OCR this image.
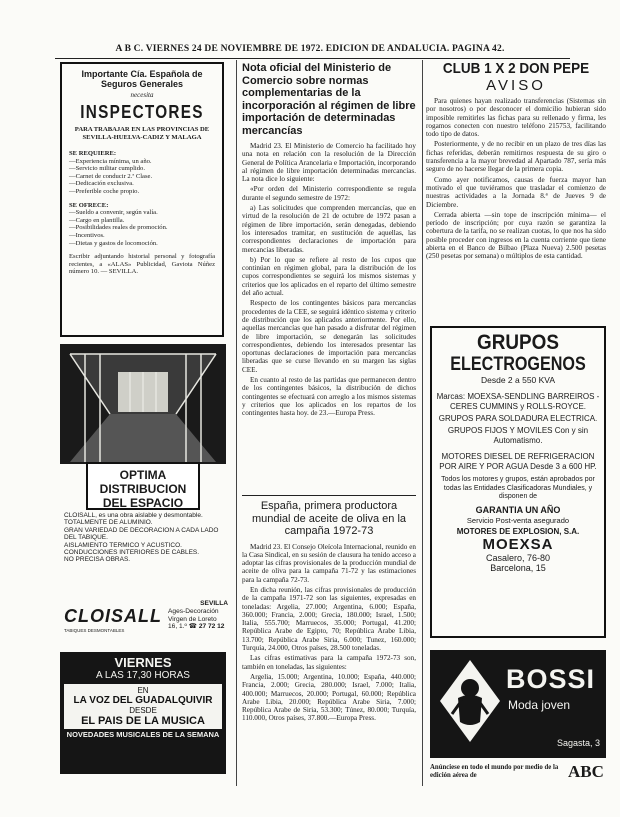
A B C. VIERNES 24 DE NOVIEMBRE DE 1972. EDICION DE ANDALUCIA. PAGINA 42.
Importante Cía. Española de Seguros Generales
necesita
INSPECTORES
PARA TRABAJAR EN LAS PROVINCIAS DE SEVILLA-HUELVA-CADIZ Y MALAGA
SE REQUIERE:
—Experiencia mínima, un año.
—Servicio militar cumplido.
—Carnet de conducir 2.ª Clase.
—Dedicación exclusiva.
—Preferible coche propio.
SE OFRECE:
—Sueldo a convenir, según valía.
—Cargo en plantilla.
—Posibilidades reales de promoción.
—Incentivos.
—Dietas y gastos de locomoción.
Escribir adjuntando historial personal y fotografía recientes, a «ALAS» Publicidad, Gaviota Núñez número 10. — SEVILLA.
OPTIMA DISTRIBUCION DEL ESPACIO
CLOISALL, es una obra aislable y desmontable.
TOTALMENTE DE ALUMINIO.
GRAN VARIEDAD DE DECORACION A CADA LADO DEL TABIQUE.
AISLAMIENTO TERMICO Y ACUSTICO.
CONDUCCIONES INTERIORES DE CABLES.
NO PRECISA OBRAS.
CLOISALL
TABIQUES DESMONTABLES
SEVILLA
Ages-Decoración
Virgen de Loreto
16, 1.º ☎ 27 72 12
VIERNES
A LAS 17,30 HORAS
EN
LA VOZ DEL GUADALQUIVIR
DESDE
EL PAIS DE LA MUSICA
NOVEDADES MUSICALES DE LA SEMANA
Nota oficial del Ministerio de Comercio sobre normas complementarias de la incorporación al régimen de libre importación de determinadas mercancías

Madrid 23. El Ministerio de Comercio ha facilitado hoy una nota en relación con la resolución de la Dirección General de Política Arancelaria e Importación, incorporando al régimen de libre importación determinadas mercancías. La nota dice lo siguiente:

«Por orden del Ministerio correspondiente se regula durante el segundo semestre de 1972:

a) Las solicitudes que comprenden mercancías, que en virtud de la resolución de 21 de octubre de 1972 pasan a régimen de libre importación, serán denegadas, debiendo los interesados tramitar, en sustitución de aquellas, las correspondientes declaraciones de importación para mercancías liberadas.

b) Por lo que se refiere al resto de los cupos que continúan en régimen global, para la distribución de los cupos correspondientes se seguirá los mismos sistemas y criterios que los aplicados en el reparto del último semestre del año actual.

Respecto de los contingentes básicos para mercancías procedentes de la CEE, se seguirá idéntico sistema y criterio de distribución que los aplicados anteriormente. Por ello, aquellas mercancías que han pasado a disfrutar del régimen de libre importación, se denegarán las solicitudes correspondientes, debiendo los interesados presentar las oportunas declaraciones de importación para mercancías liberadas que se curse llevando en su margen las siglas CEE.

En cuanto al resto de las partidas que permanecen dentro de los contingentes básicos, la distribución de dichos contingentes se efectuará con arreglo a los mismos sistemas y criterios que los aplicados en los repartos de los contingentes hasta hoy. de 23.—Europa Press.

España, primera productora mundial de aceite de oliva en la campaña 1972-73

Madrid 23. El Consejo Oleícola Internacional, reunido en la Casa Sindical, en su sesión de clausura ha tenido acceso a adoptar las cifras provisionales de la producción mundial de aceite de oliva para la campaña 71-72 y las estimaciones para la campaña 72-73.

En dicha reunión, las cifras provisionales de producción de la campaña 1971-72 son las siguientes, expresadas en toneladas: Argelia, 27.000; Argentina, 6.000; España, 360.000; Francia, 2.000; Grecia, 180.000; Israel, 1.500; Italia, 555.700; Marruecos, 35.000; Portugal, 41.200; República Arabe de Egipto, 70; República Arabe Libia, 13.700; República Arabe Siria, 6.000; Tunez, 160.000; Turquía, 24.000, Otros países, 28.500 toneladas.

Las cifras estimativas para la campaña 1972-73 son, también en toneladas, las siguientes:

Argelia, 15.000; Argentina, 10.000; España, 440.000; Francia, 2.000; Grecia, 280.000; Israel, 7.000; Italia, 400.000; Marruecos, 20.000; Portugal, 60.000; República Arabe Libia, 20.000; República Arabe Siria, 7.000; República Arabe de Siria, 53.300; Túnez, 80.000; Turquía, 110.000, Otros países, 37.800.—Europa Press.

CLUB 1 X 2 DON PEPE
AVISO

Para quienes hayan realizado transferencias (Sistemas sin por nosotros) o por desconocer el domicilio hubieran sido imposible remitirles las fichas para su rellenado y firma, les rogamos conecten con nuestro teléfono 215753, facilitando todo tipo de datos.

Posteriormente, y de no recibir en un plazo de tres días las fichas referidas, deberán remitirnos respuesta de su giro o transferencia a la mayor brevedad al Apartado 787, sería más seguro de no hacerse llegar de la primera copia.

Como ayer notificamos, causas de fuerza mayor han motivado el que tuviéramos que trasladar el comienzo de nuestras actividades a la Jornada 8.ª de Jueves 9 de Diciembre.

Cerrada abierta —sin tope de inscripción mínima— el período de inscripción; por cuya razón se garantiza la cobertura de la tarifa, no se realizan cuotas, lo que nos ha sido posible proceder con ingresos en la cuenta corriente que tiene abierta en el Banco de Bilbao (Plaza Nueva) 2.500 pesetas (250 pesetas por semana) o múltiplos de esta cantidad.

GRUPOS
ELECTROGENOS
Desde 2 a 550 KVA
Marcas: MOEXSA-SENDLING BARREIROS - CERES CUMMINS y ROLLS-ROYCE.
GRUPOS PARA SOLDADURA ELECTRICA.
GRUPOS FIJOS Y MOVILES Con y sin Automatismo.
MOTORES DIESEL DE REFRIGERACION POR AIRE Y POR AGUA Desde 3 a 600 HP.
Todos los motores y grupos, están aprobados por todas las Entidades Clasificadoras Mundiales, y disponen de
GARANTIA UN AÑO
Servicio Post-venta asegurado
MOTORES DE EXPLOSION, S.A.
MOEXSA
Casalero, 76-80
Barcelona, 15
BOSSI
Moda joven
Sagasta, 3
Anúnciese en todo el mundo por medio de la edición aérea de	ABC
